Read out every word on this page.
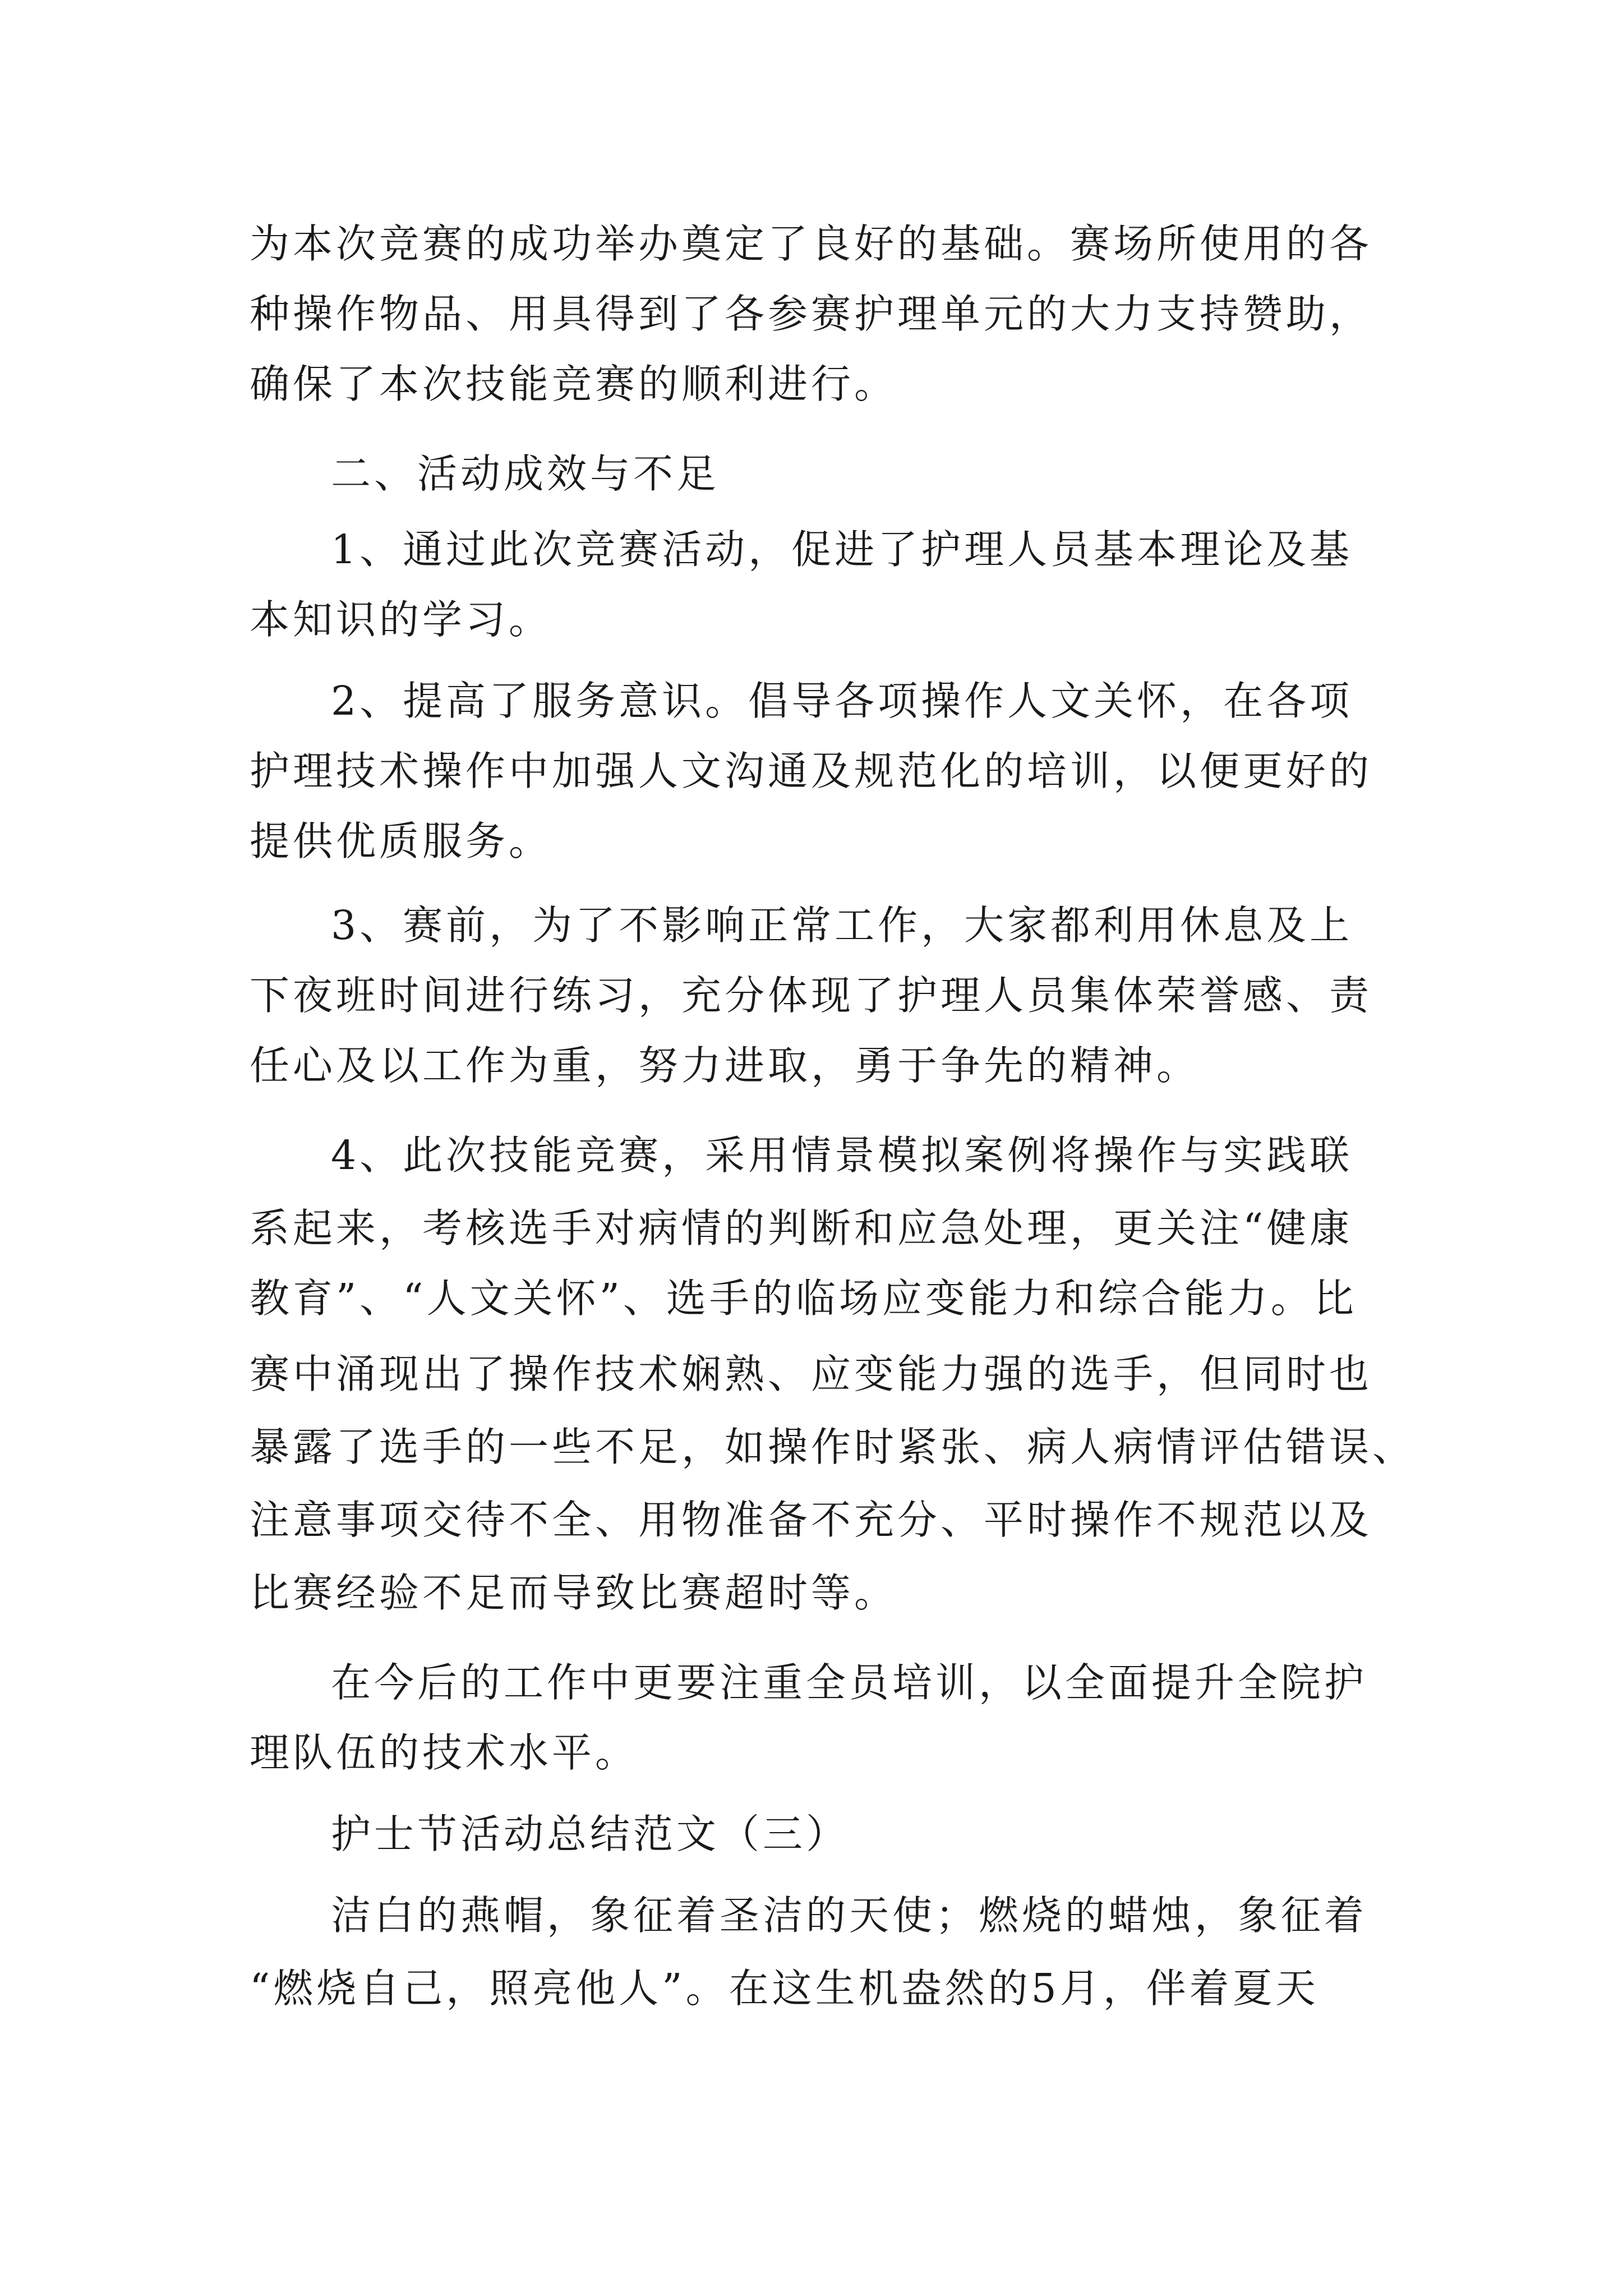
为本次竞赛的成功举办奠定了良好的基础。赛场所使用的各
种操作物品、用具得到了各参赛护理单元的大力支持赞助，
确保了本次技能竞赛的顺利进行。
二、活动成效与不足
1、通过此次竞赛活动，促进了护理人员基本理论及基
本知识的学习。
2、提高了服务意识。倡导各项操作人文关怀，在各项
护理技术操作中加强人文沟通及规范化的培训，以便更好的
提供优质服务。
3、赛前，为了不影响正常工作，大家都利用休息及上
下夜班时间进行练习，充分体现了护理人员集体荣誉感、责
任心及以工作为重，努力进取，勇于争先的精神。
4、此次技能竞赛，采用情景模拟案例将操作与实践联
系起来，考核选手对病情的判断和应急处理，更关注“健康
教育”、“人文关怀”、选手的临场应变能力和综合能力。比
赛中涌现出了操作技术娴熟、应变能力强的选手，但同时也
暴露了选手的一些不足，如操作时紧张、病人病情评估错误、
注意事项交待不全、用物准备不充分、平时操作不规范以及
比赛经验不足而导致比赛超时等。
在今后的工作中更要注重全员培训，以全面提升全院护
理队伍的技术水平。
护士节活动总结范文（三）
洁白的燕帽，象征着圣洁的天使；燃烧的蜡烛，象征着
“燃烧自己，照亮他人”。在这生机盎然的5月，伴着夏天
